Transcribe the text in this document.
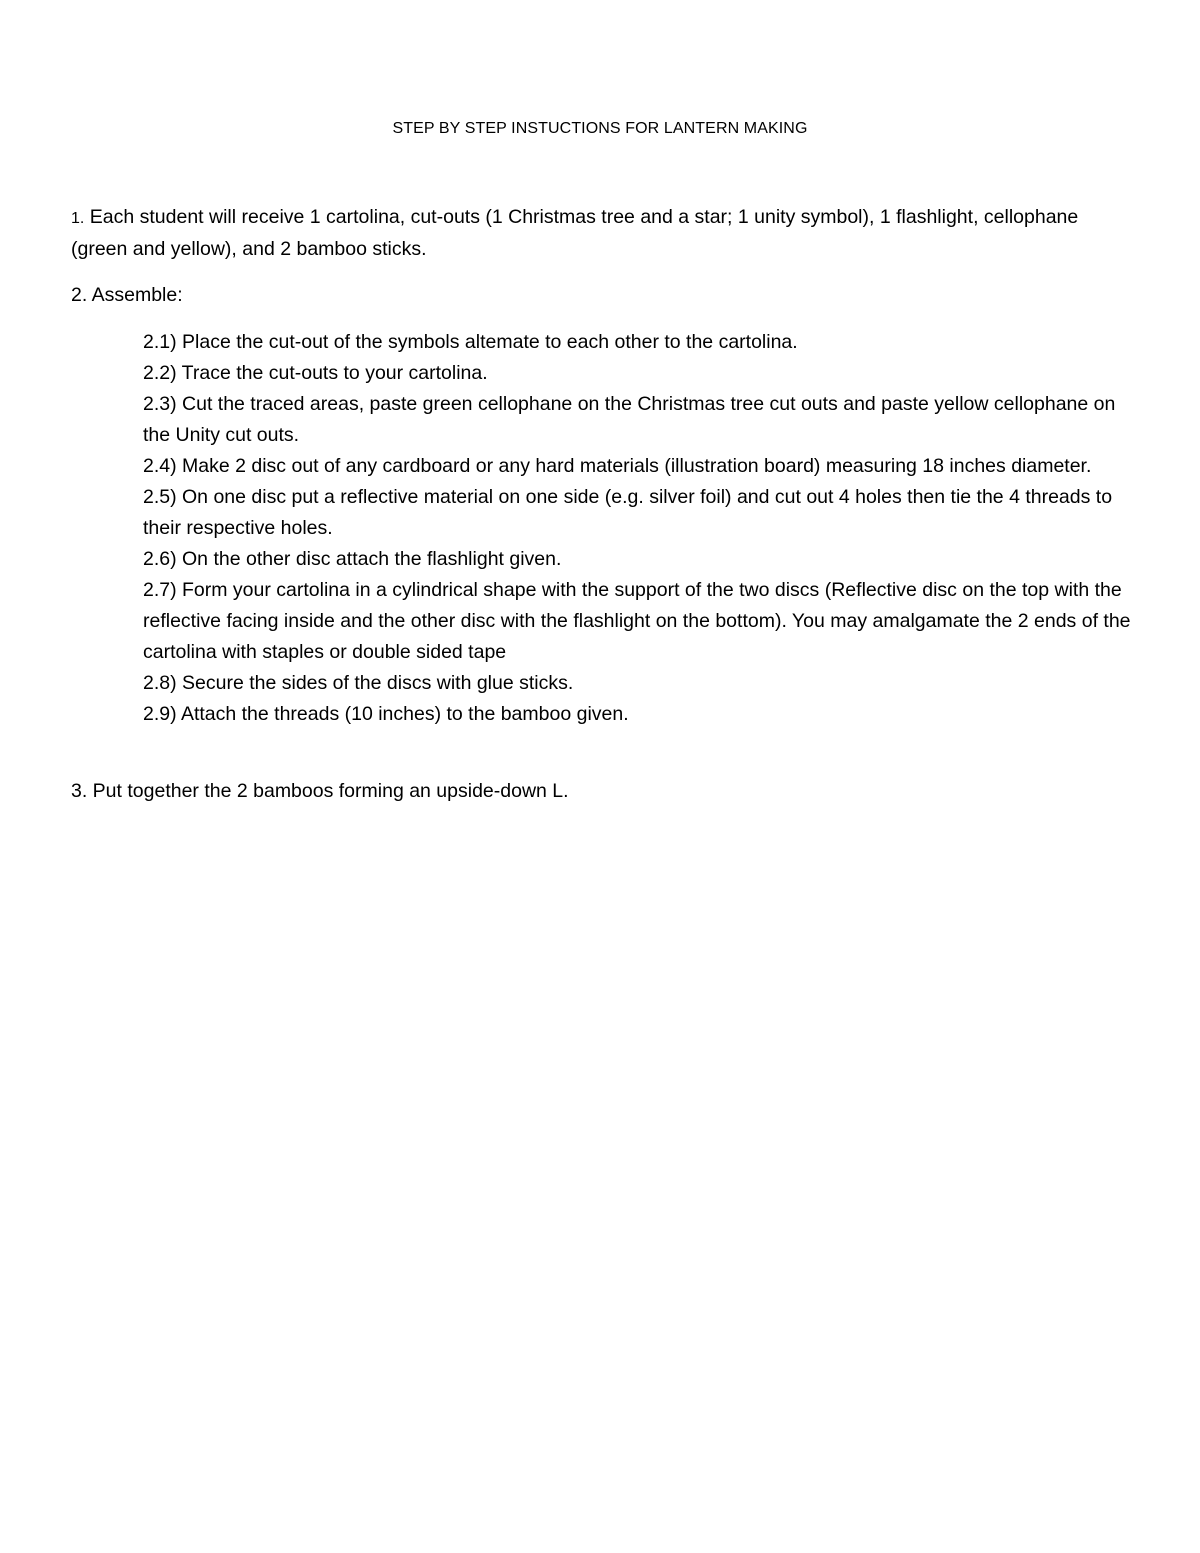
STEP BY STEP INSTUCTIONS FOR LANTERN MAKING
1. Each student will receive 1 cartolina, cut-outs (1 Christmas tree and a star; 1 unity symbol), 1 flashlight, cellophane (green and yellow), and 2 bamboo sticks.
2. Assemble:
2.1) Place the cut-out of the symbols altemate to each other to the cartolina.
2.2) Trace the cut-outs to your cartolina.
2.3) Cut the traced areas, paste green cellophane on the Christmas tree cut outs and paste yellow cellophane on the Unity cut outs.
2.4) Make 2 disc out of any cardboard or any hard materials (illustration board) measuring 18 inches diameter.
2.5) On one disc put a reflective material on one side (e.g. silver foil) and cut out 4 holes then tie the 4 threads to their respective holes.
2.6) On the other disc attach the flashlight given.
2.7) Form your cartolina in a cylindrical shape with the support of the two discs (Reflective disc on the top with the reflective facing inside and the other disc with the flashlight on the bottom). You may amalgamate the 2 ends of the cartolina with staples or double sided tape
2.8) Secure the sides of the discs with glue sticks.
2.9) Attach the threads (10 inches) to the bamboo given.
3. Put together the 2 bamboos forming an upside-down L.
